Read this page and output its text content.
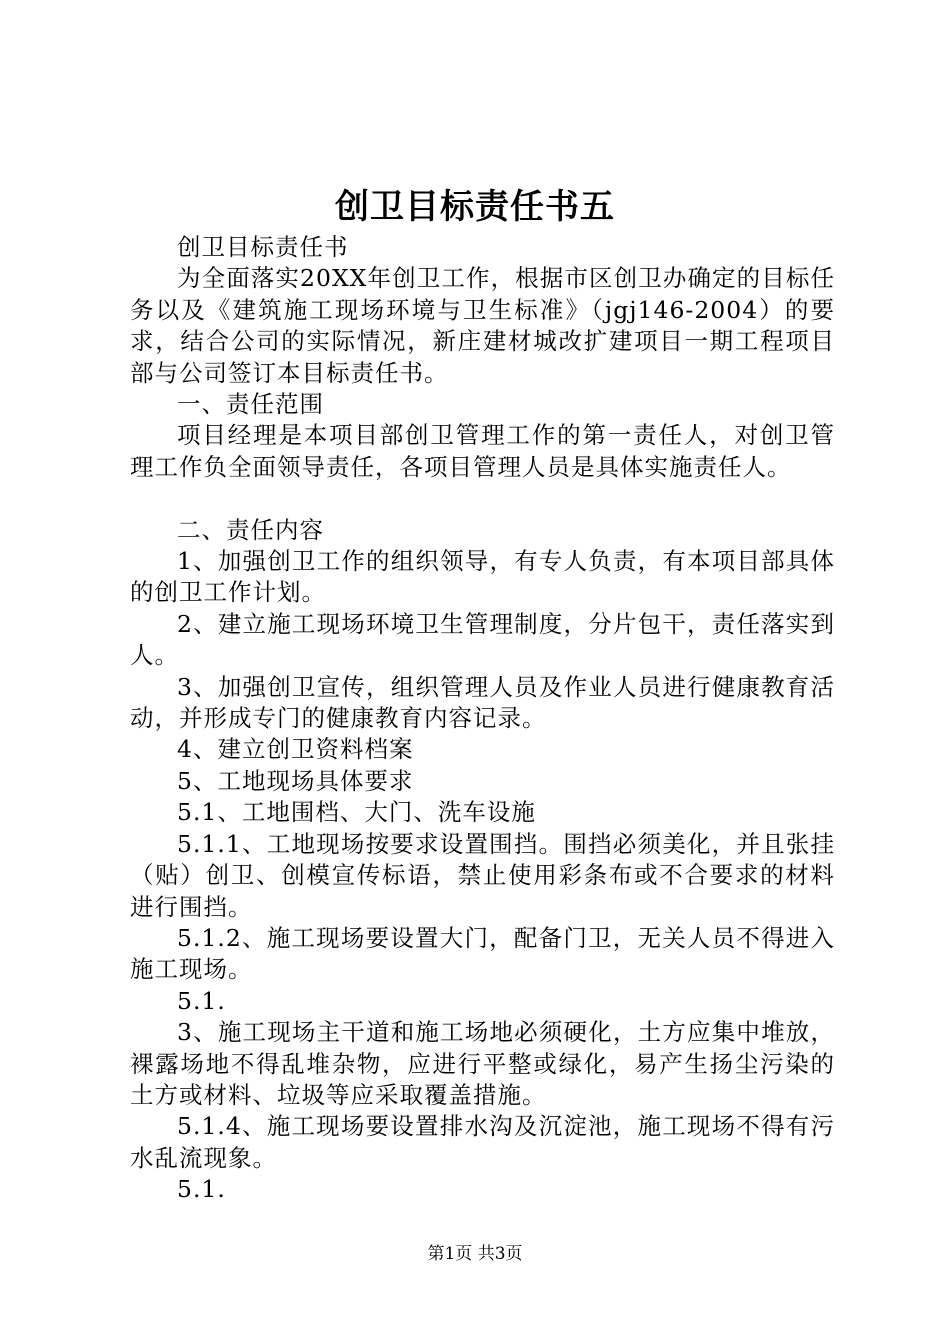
创卫目标责任书五

创卫目标责任书

为全面落实20XX年创卫工作，根据市区创卫办确定的目标任务以及《建筑施工现场环境与卫生标准》（jgj146-2004）的要求，结合公司的实际情况，新庄建材城改扩建项目一期工程项目部与公司签订本目标责任书。

一、责任范围

项目经理是本项目部创卫管理工作的第一责任人，对创卫管理工作负全面领导责任，各项目管理人员是具体实施责任人。

二、责任内容

1、加强创卫工作的组织领导，有专人负责，有本项目部具体的创卫工作计划。

2、建立施工现场环境卫生管理制度，分片包干，责任落实到人。

3、加强创卫宣传，组织管理人员及作业人员进行健康教育活动，并形成专门的健康教育内容记录。

4、建立创卫资料档案

5、工地现场具体要求

5.1、工地围档、大门、洗车设施

5.1.1、工地现场按要求设置围挡。围挡必须美化，并且张挂（贴）创卫、创模宣传标语，禁止使用彩条布或不合要求的材料进行围挡。

5.1.2、施工现场要设置大门，配备门卫，无关人员不得进入施工现场。

5.1.

3、施工现场主干道和施工场地必须硬化，土方应集中堆放，裸露场地不得乱堆杂物，应进行平整或绿化，易产生扬尘污染的土方或材料、垃圾等应采取覆盖措施。

5.1.4、施工现场要设置排水沟及沉淀池，施工现场不得有污水乱流现象。

5.1.

第1页 共3页
